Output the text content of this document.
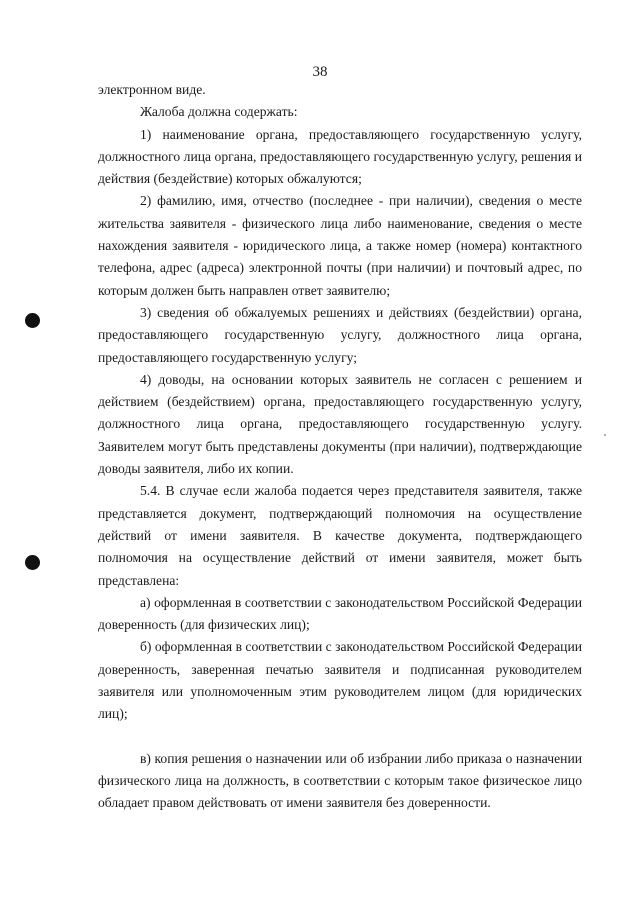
38

электронном виде.

Жалоба должна содержать:

1) наименование органа, предоставляющего государственную услугу, должностного лица органа, предоставляющего государственную услугу, решения и действия (бездействие) которых обжалуются;

2) фамилию, имя, отчество (последнее - при наличии), сведения о месте жительства заявителя - физического лица либо наименование, сведения о месте нахождения заявителя - юридического лица, а также номер (номера) контактного телефона, адрес (адреса) электронной почты (при наличии) и почтовый адрес, по которым должен быть направлен ответ заявителю;

3) сведения об обжалуемых решениях и действиях (бездействии) органа, предоставляющего государственную услугу, должностного лица органа, предоставляющего государственную услугу;

4) доводы, на основании которых заявитель не согласен с решением и действием (бездействием) органа, предоставляющего государственную услугу, должностного лица органа, предоставляющего государственную услугу. Заявителем могут быть представлены документы (при наличии), подтверждающие доводы заявителя, либо их копии.

5.4. В случае если жалоба подается через представителя заявителя, также представляется документ, подтверждающий полномочия на осуществление действий от имени заявителя. В качестве документа, подтверждающего полномочия на осуществление действий от имени заявителя, может быть представлена:

а) оформленная в соответствии с законодательством Российской Федерации доверенность (для физических лиц);

б) оформленная в соответствии с законодательством Российской Федерации доверенность, заверенная печатью заявителя и подписанная руководителем заявителя или уполномоченным этим руководителем лицом (для юридических лиц);

в) копия решения о назначении или об избрании либо приказа о назначении физического лица на должность, в соответствии с которым такое физическое лицо обладает правом действовать от имени заявителя без доверенности.
